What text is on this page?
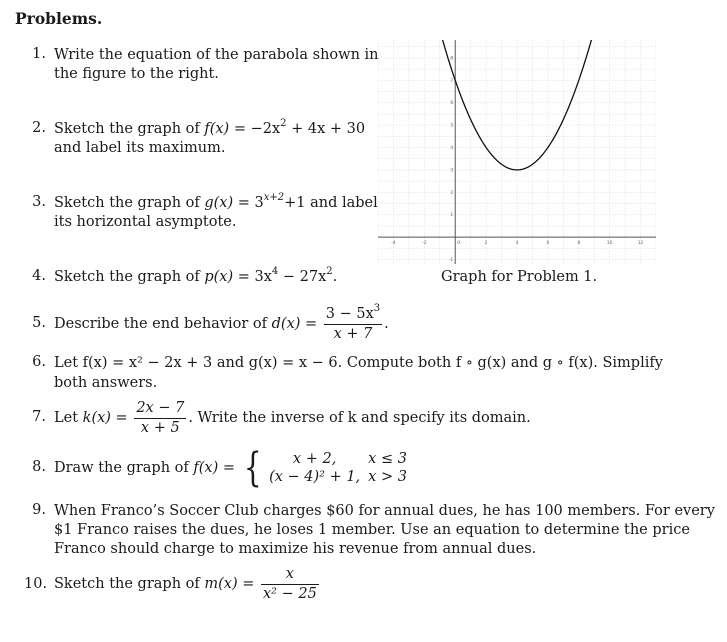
Problems.
1. Write the equation of the parabola shown in
the figure to the right.
2. Sketch the graph of $f(x) = -2x^2 + 4x + 30$
and label its maximum.
3. Sketch the graph of $g(x) = 3^{x+2}+1$ and label
its horizontal asymptote.
4. Sketch the graph of $p(x) = 3x^4 - 27x^2$.
5. Describe the end behavior of $d(x) = \frac{3 - 5x^3}{x + 7}$ .
6. Let f(x) = x² − 2x + 3 and g(x) = x − 6. Compute both f ∘ g(x) and g ∘ f(x). Simplify
both answers.
7. Let $k(x) = \frac{2x - 7}{x + 5}$ . Write the inverse of k and specify its domain.
8. Draw the graph of f(x) = { x + 2,	x ≤ 3
(x − 4)² + 1,	x > 3
9. When Franco’s Soccer Club charges $60 for annual dues, he has 100 members. For every
$1 Franco raises the dues, he loses 1 member. Use an equation to determine the price
Franco should charge to maximize his revenue from annual dues.
10. Sketch the graph of $m(x) = \frac{x}{\text{x² − 25}}$
-4	-2	0	2	4	6	8	10	12
8
7
6
5
4
3
2
1
-1
Graph for Problem 1.
